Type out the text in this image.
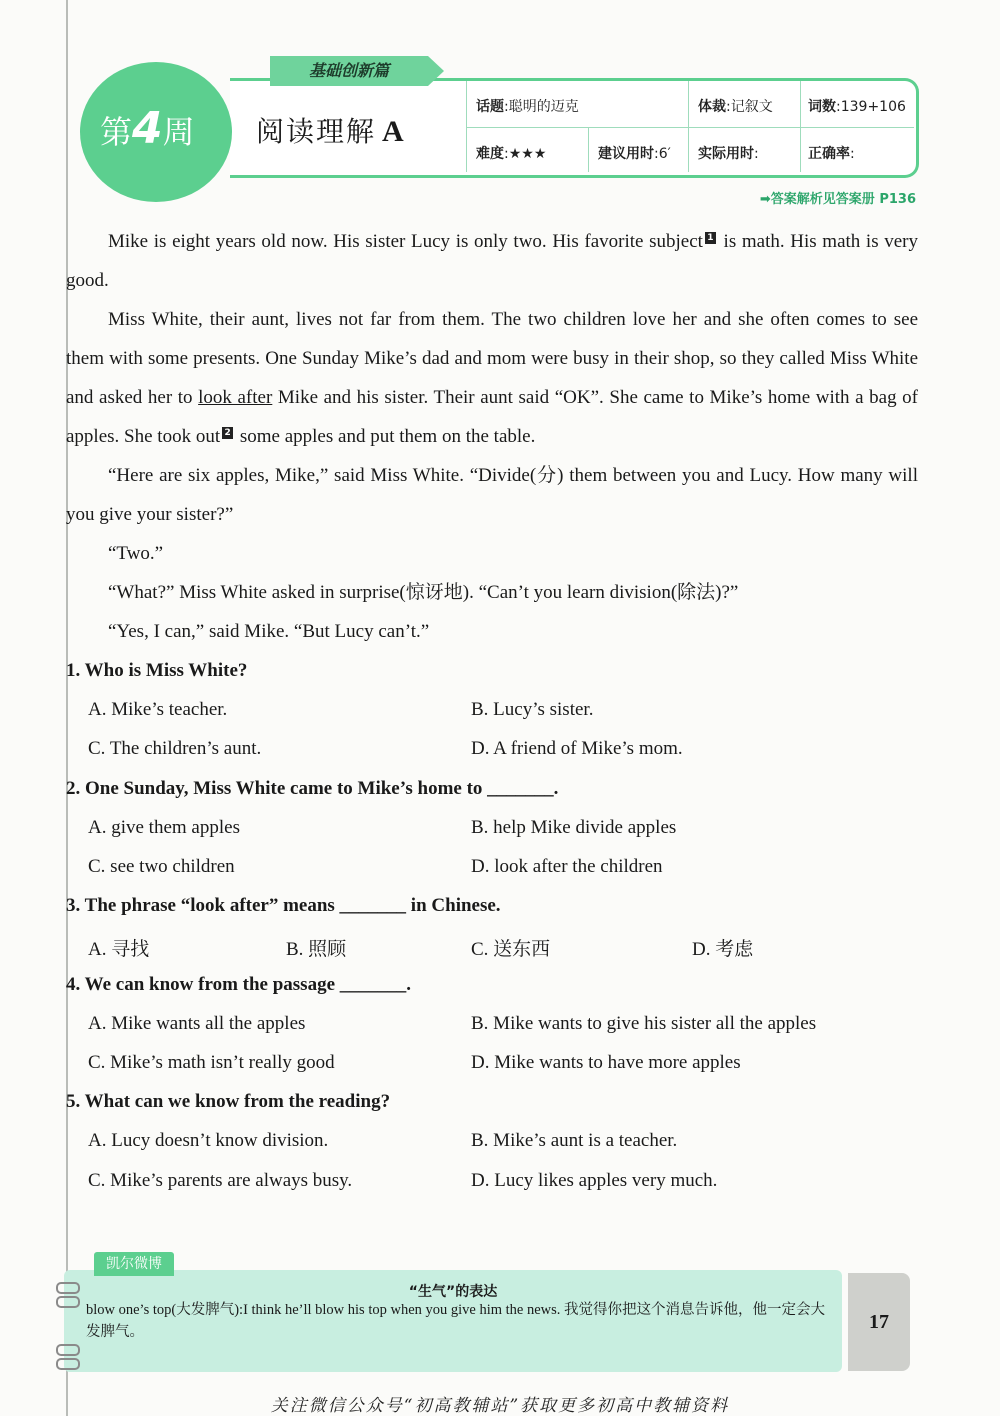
第4周
基础创新篇
阅读理解 A
话题:聪明的迈克	体裁:记叙文	词数:139+106
难度:★★★	建议用时:6′ 实际用时:	正确率:
➡答案解析见答案册 P136
Mike is eight years old now. His sister Lucy is only two. His favorite subject 1 is math. His math is very good.
Miss White, their aunt, lives not far from them. The two children love her and she often comes to see them with some presents. One Sunday Mike’s dad and mom were busy in their shop, so they called Miss White and asked her to look after Mike and his sister. Their aunt said “OK”. She came to Mike’s home with a bag of apples. She took out 2 some apples and put them on the table.
“Here are six apples, Mike,” said Miss White. “Divide(分) them between you and Lucy. How many will you give your sister?”
“Two.”
“What?” Miss White asked in surprise(惊讶地). “Can’t you learn division(除法)?”
“Yes, I can,” said Mike. “But Lucy can’t.”
1. Who is Miss White?
A. Mike’s teacher.	B. Lucy’s sister.
C. The children’s aunt.	D. A friend of Mike’s mom.
2. One Sunday, Miss White came to Mike’s home to _______.
A. give them apples	B. help Mike divide apples
C. see two children	D. look after the children
3. The phrase “look after” means _______ in Chinese.
A. 寻找	B. 照顾	C. 送东西	D. 考虑
4. We can know from the passage _______.
A. Mike wants all the apples	B. Mike wants to give his sister all the apples
C. Mike’s math isn’t really good	D. Mike wants to have more apples
5. What can we know from the reading?
A. Lucy doesn’t know division.	B. Mike’s aunt is a teacher.
C. Mike’s parents are always busy.	D. Lucy likes apples very much.
凯尔微博
“生气”的表达
blow one’s top(大发脾气):I think he’ll blow his top when you give him the news. 我觉得你把这个消息告诉他，他一定会大发脾气。	17
关注微信公众号“初高教辅站”获取更多初高中教辅资料
